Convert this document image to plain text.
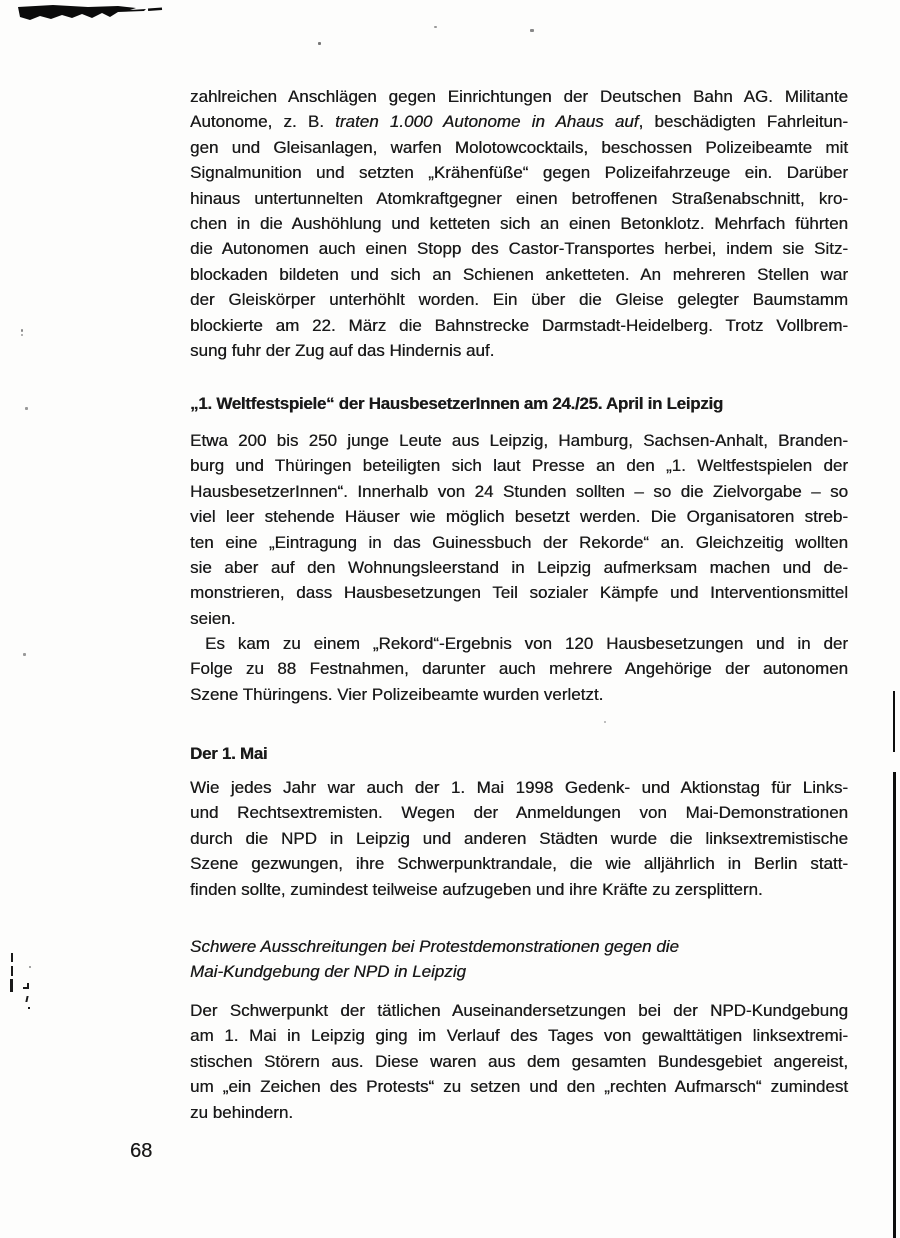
zahlreichen Anschlägen gegen Einrichtungen der Deutschen Bahn AG. Militante
Autonome, z. B. traten 1.000 Autonome in Ahaus auf, beschädigten Fahrleitun-
gen und Gleisanlagen, warfen Molotowcocktails, beschossen Polizeibeamte mit
Signalmunition und setzten „Krähenfüße“ gegen Polizeifahrzeuge ein. Darüber
hinaus untertunnelten Atomkraftgegner einen betroffenen Straßenabschnitt, kro-
chen in die Aushöhlung und ketteten sich an einen Betonklotz. Mehrfach führten
die Autonomen auch einen Stopp des Castor-Transportes herbei, indem sie Sitz-
blockaden bildeten und sich an Schienen anketteten. An mehreren Stellen war
der Gleiskörper unterhöhlt worden. Ein über die Gleise gelegter Baumstamm
blockierte am 22. März die Bahnstrecke Darmstadt-Heidelberg. Trotz Vollbrem-
sung fuhr der Zug auf das Hindernis auf.
„1. Weltfestspiele“ der HausbesetzerInnen am 24./25. April in Leipzig
Etwa 200 bis 250 junge Leute aus Leipzig, Hamburg, Sachsen-Anhalt, Branden-
burg und Thüringen beteiligten sich laut Presse an den „1. Weltfestspielen der
HausbesetzerInnen“. Innerhalb von 24 Stunden sollten – so die Zielvorgabe – so
viel leer stehende Häuser wie möglich besetzt werden. Die Organisatoren streb-
ten eine „Eintragung in das Guinessbuch der Rekorde“ an. Gleichzeitig wollten
sie aber auf den Wohnungsleerstand in Leipzig aufmerksam machen und de-
monstrieren, dass Hausbesetzungen Teil sozialer Kämpfe und Interventionsmittel
seien.
Es kam zu einem „Rekord“-Ergebnis von 120 Hausbesetzungen und in der
Folge zu 88 Festnahmen, darunter auch mehrere Angehörige der autonomen
Szene Thüringens. Vier Polizeibeamte wurden verletzt.
Der 1. Mai
Wie jedes Jahr war auch der 1. Mai 1998 Gedenk- und Aktionstag für Links-
und Rechtsextremisten. Wegen der Anmeldungen von Mai-Demonstrationen
durch die NPD in Leipzig und anderen Städten wurde die linksextremistische
Szene gezwungen, ihre Schwerpunktrandale, die wie alljährlich in Berlin statt-
finden sollte, zumindest teilweise aufzugeben und ihre Kräfte zu zersplittern.
Schwere Ausschreitungen bei Protestdemonstrationen gegen die
Mai-Kundgebung der NPD in Leipzig
Der Schwerpunkt der tätlichen Auseinandersetzungen bei der NPD-Kundgebung
am 1. Mai in Leipzig ging im Verlauf des Tages von gewalttätigen linksextremi-
stischen Störern aus. Diese waren aus dem gesamten Bundesgebiet angereist,
um „ein Zeichen des Protests“ zu setzen und den „rechten Aufmarsch“ zumindest
zu behindern.
68
